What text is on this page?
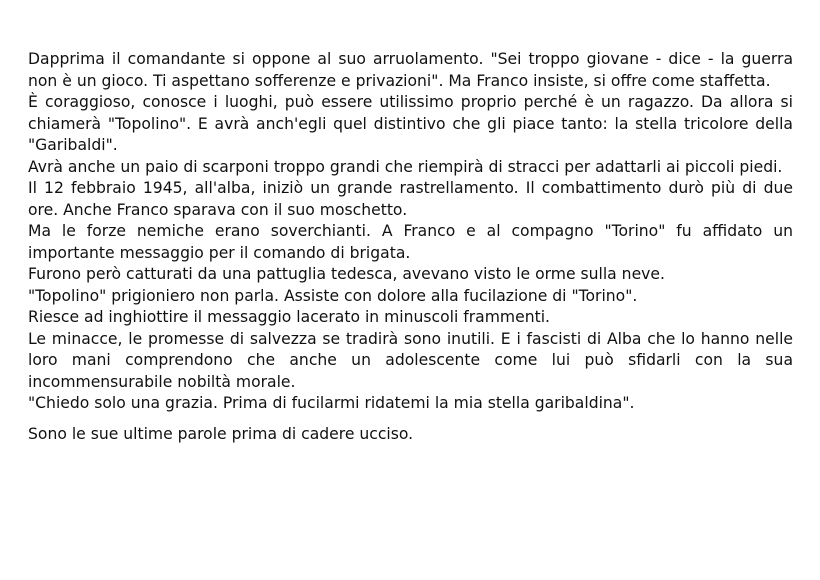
Dapprima il comandante si oppone al suo arruolamento. "Sei troppo giovane - dice - la guerra non è un gioco. Ti aspettano sofferenze e privazioni". Ma Franco insiste, si offre come staffetta.

È coraggioso, conosce i luoghi, può essere utilissimo proprio perché è un ragazzo. Da allora si chiamerà "Topolino". E avrà anch'egli quel distintivo che gli piace tanto: la stella tricolore della "Garibaldi".

Avrà anche un paio di scarponi troppo grandi che riempirà di stracci per adattarli ai piccoli piedi.

Il 12 febbraio 1945, all'alba, iniziò un grande rastrellamento. Il combattimento durò più di due ore. Anche Franco sparava con il suo moschetto.

Ma le forze nemiche erano soverchianti. A Franco e al compagno "Torino" fu affidato un importante messaggio per il comando di brigata.

Furono però catturati da una pattuglia tedesca, avevano visto le orme sulla neve.

"Topolino" prigioniero non parla. Assiste con dolore alla fucilazione di "Torino".

Riesce ad inghiottire il messaggio lacerato in minuscoli frammenti.

Le minacce, le promesse di salvezza se tradirà sono inutili. E i fascisti di Alba che lo hanno nelle loro mani comprendono che anche un adolescente come lui può sfidarli con la sua incommensurabile nobiltà morale.

"Chiedo solo una grazia. Prima di fucilarmi ridatemi la mia stella garibaldina".

Sono le sue ultime parole prima di cadere ucciso.
